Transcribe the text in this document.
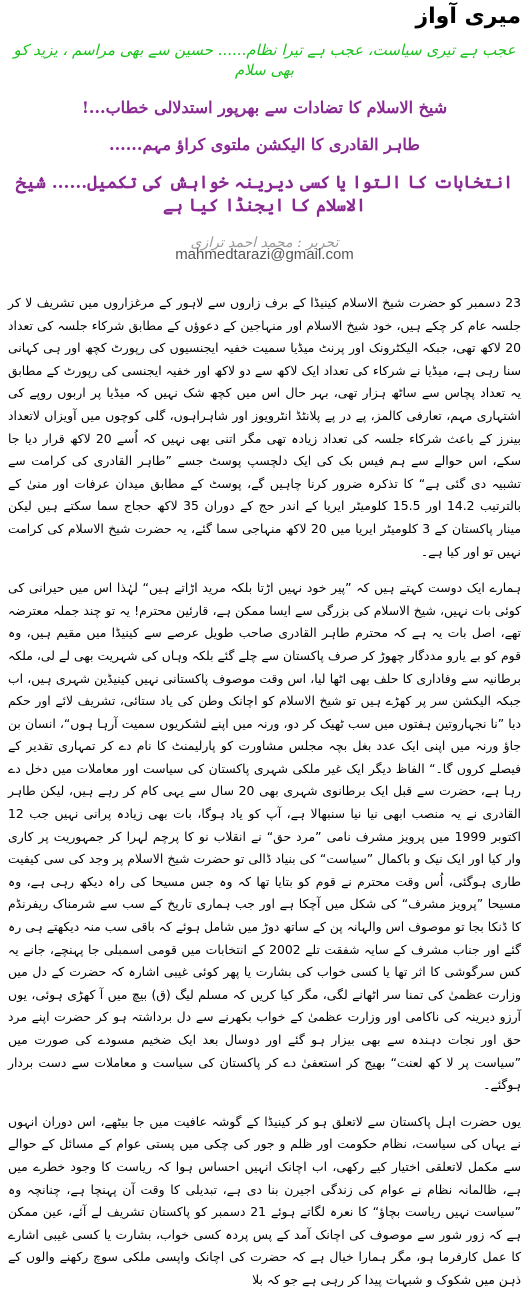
میری آواز
عجب ہے تیری سیاست، عجب ہے تیرا نظام...... حسین سے بھی مراسم ، یزید کو بھی سلام
شیخ الاسلام کا تضادات سے بھرپور استدلالی خطاب...!
طاہر القادری کا الیکشن ملتوی کراؤ مہم......
انتخابات کا التوا یا کسی دیرینہ خواہش کی تکمیل...... شیخ الاسلام کا ایجنڈا کیا ہے
تحریر : محمد احمد ترازی
mahmedtarazi@gmail.com

23 دسمبر کو حضرت شیخ الاسلام کینیڈا کے برف زاروں سے لاہور کے مرغزاروں میں تشریف لا کر جلسہ عام کر چکے ہیں، خود شیخ الاسلام اور منہاجین کے دعوؤں کے مطابق شرکاء جلسہ کی تعداد 20 لاکھ تھی، جبکہ الیکٹرونک اور پرنٹ میڈیا سمیت خفیہ ایجنسیوں کی رپورٹ کچھ اور ہی کہانی سنا رہی ہے، میڈیا نے شرکاء کی تعداد ایک لاکھ سے دو لاکھ اور خفیہ ایجنسی کی رپورٹ کے مطابق یہ تعداد پچاس سے ساٹھ ہزار تھی، بہر حال اس میں کچھ شک نہیں کہ میڈیا پر اربوں روپے کی اشتہاری مہم، تعارفی کالمز، پے در پے پلانٹڈ انٹرویوز اور شاہراہوں، گلی کوچوں میں آویزاں لاتعداد بینرز کے باعث شرکاء جلسہ کی تعداد زیادہ تھی مگر اتنی بھی نہیں کہ اُسے 20 لاکھ قرار دیا جا سکے، اس حوالے سے ہم فیس بک کی ایک دلچسپ پوسٹ جسے ”طاہر القادری کی کرامت سے تشبیہ دی گئی ہے“ کا تذکرہ ضرور کرنا چاہیں گے، پوسٹ کے مطابق میدان عرفات اور منیٰ کے بالترتیب 14.2 اور 15.5 کلومیٹر ایریا کے اندر حج کے دوران 35 لاکھ حجاج سما سکتے ہیں لیکن مینار پاکستان کے 3 کلومیٹر ایریا میں 20 لاکھ منہاجی سما گئے، یہ حضرت شیخ الاسلام کی کرامت نہیں تو اور کیا ہے۔

ہمارے ایک دوست کہتے ہیں کہ ”پیر خود نہیں اڑتا بلکہ مرید اڑاتے ہیں“ لہٰذا اس میں حیرانی کی کوئی بات نہیں، شیخ الاسلام کی بزرگی سے ایسا ممکن ہے، قارئین محترم! یہ تو چند جملہ معترضہ تھے، اصل بات یہ ہے کہ محترم طاہر القادری صاحب طویل عرصے سے کینیڈا میں مقیم ہیں، وہ قوم کو بے یارو مددگار چھوڑ کر صرف پاکستان سے چلے گئے بلکہ وہاں کی شہریت بھی لے لی، ملکہ برطانیہ سے وفاداری کا حلف بھی اٹھا لیا، اس وقت موصوف پاکستانی نہیں کینیڈین شہری ہیں، اب جبکہ الیکشن سر پر کھڑے ہیں تو شیخ الاسلام کو اچانک وطن کی یاد ستائی، تشریف لائے اور حکم دیا ”نا نجہاروتین ہفتوں میں سب ٹھیک کر دو، ورنہ میں اپنے لشکریوں سمیت آرہا ہوں“، انسان بن جاؤ ورنہ میں اپنی ایک عدد بغل بچہ مجلس مشاورت کو پارلیمنٹ کا نام دے کر تمہاری تقدیر کے فیصلے کروں گا۔“ الفاظ دیگر ایک غیر ملکی شہری پاکستان کی سیاست اور معاملات میں دخل دے رہا ہے، حضرت سے قبل ایک برطانوی شہری بھی 20 سال سے یہی کام کر رہے ہیں، لیکن طاہر القادری نے یہ منصب ابھی نیا نیا سنبھالا ہے، آپ کو یاد ہوگا، بات بھی زیادہ پرانی نہیں جب 12 اکتوبر 1999 میں پرویز مشرف نامی ”مرد حق“ نے انقلاب نو کا پرچم لہرا کر جمہوریت پر کاری وار کیا اور ایک نیک و باکمال ”سیاست“ کی بنیاد ڈالی تو حضرت شیخ الاسلام پر وجد کی سی کیفیت طاری ہوگئی، اُس وقت محترم نے قوم کو بتایا تھا کہ وہ جس مسیحا کی راہ دیکھ رہی ہے، وہ مسیحا ”پرویز مشرف“ کی شکل میں آچکا ہے اور جب ہماری تاریخ کے سب سے شرمناک ریفرنڈم کا ڈنکا بجا تو موصوف اس والہانہ پن کے ساتھ دوڑ میں شامل ہوئے کہ باقی سب منہ دیکھتے ہی رہ گئے اور جناب مشرف کے سایہ شفقت تلے 2002 کے انتخابات میں قومی اسمبلی جا پہنچے، جانے یہ کس سرگوشی کا اثر تھا یا کسی خواب کی بشارت یا پھر کوئی غیبی اشارہ کہ حضرت کے دل میں وزارت عظمیٰ کی تمنا سر اٹھانے لگی، مگر کیا کریں کہ مسلم لیگ (ق) بیچ میں آ کھڑی ہوئی، یوں آرزو دیرینہ کی ناکامی اور وزارت عظمیٰ کے خواب بکھرنے سے دل برداشتہ ہو کر حضرت اپنے مرد حق اور نجات دہندہ سے بھی بیزار ہو گئے اور دوسال بعد ایک ضخیم مسودے کی صورت میں ”سیاست پر لا کھ لعنت“ بھیج کر استعفیٰ دے کر پاکستان کی سیاست و معاملات سے دست بردار ہوگئے۔

یوں حضرت اہل پاکستان سے لاتعلق ہو کر کینیڈا کے گوشہ عافیت میں جا بیٹھے، اس دوران انہوں نے یہاں کی سیاست، نظام حکومت اور ظلم و جور کی چکی میں پستی عوام کے مسائل کے حوالے سے مکمل لاتعلقی اختیار کیے رکھی، اب اچانک انہیں احساس ہوا کہ ریاست کا وجود خطرے میں ہے، ظالمانہ نظام نے عوام کی زندگی اجیرن بنا دی ہے، تبدیلی کا وقت آن پہنچا ہے، چنانچہ وہ ”سیاست نہیں ریاست بچاؤ“ کا نعرہ لگاتے ہوئے 21 دسمبر کو پاکستان تشریف لے آئے، عین ممکن ہے کہ زور شور سے موصوف کی اچانک آمد کے پس پردہ کسی خواب، بشارت یا کسی غیبی اشارے کا عمل کارفرما ہو، مگر ہمارا خیال ہے کہ حضرت کی اچانک واپسی ملکی سوچ رکھنے والوں کے ذہن میں شکوک و شبہات پیدا کر رہی ہے جو کہ بلا
